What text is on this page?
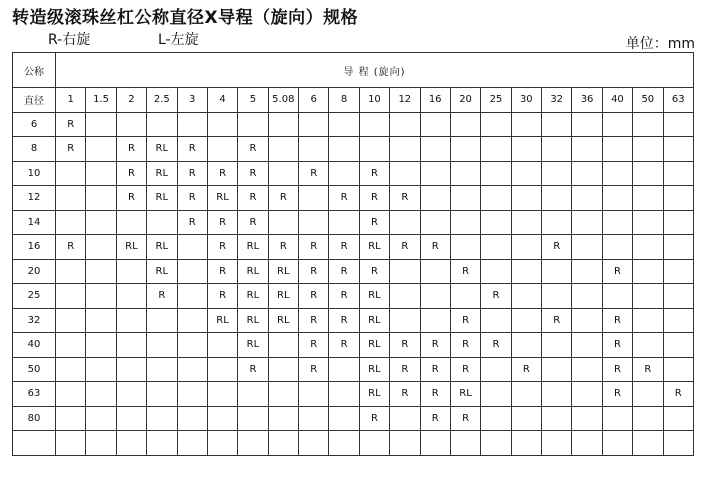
转造级滚珠丝杠公称直径X导程（旋向）规格
R-右旋	L-左旋	单位：mm
公称	导 程 (旋向)																				
直径	1	1.5	2	2.5	3	4	5	5.08	6	8	10	12	16	20	25	30	32	36	40	50	63
6	R																				
8	R		R	RL	R		R														
10			R	RL	R	R	R		R		R										
12			R	RL	R	RL	R	R		R	R	R									
14					R	R	R				R										
16	R		RL	RL		R	RL	R	R	R	RL	R	R				R				
20				RL		R	RL	RL	R	R	R			R					R		
25				R		R	RL	RL	R	R	RL				R						
32						RL	RL	RL	R	R	RL			R			R		R		
40							RL		R	R	RL	R	R	R	R				R		
50							R		R		RL	R	R	R		R			R	R	
63											RL	R	R	RL					R		R
80											R		R	R							
